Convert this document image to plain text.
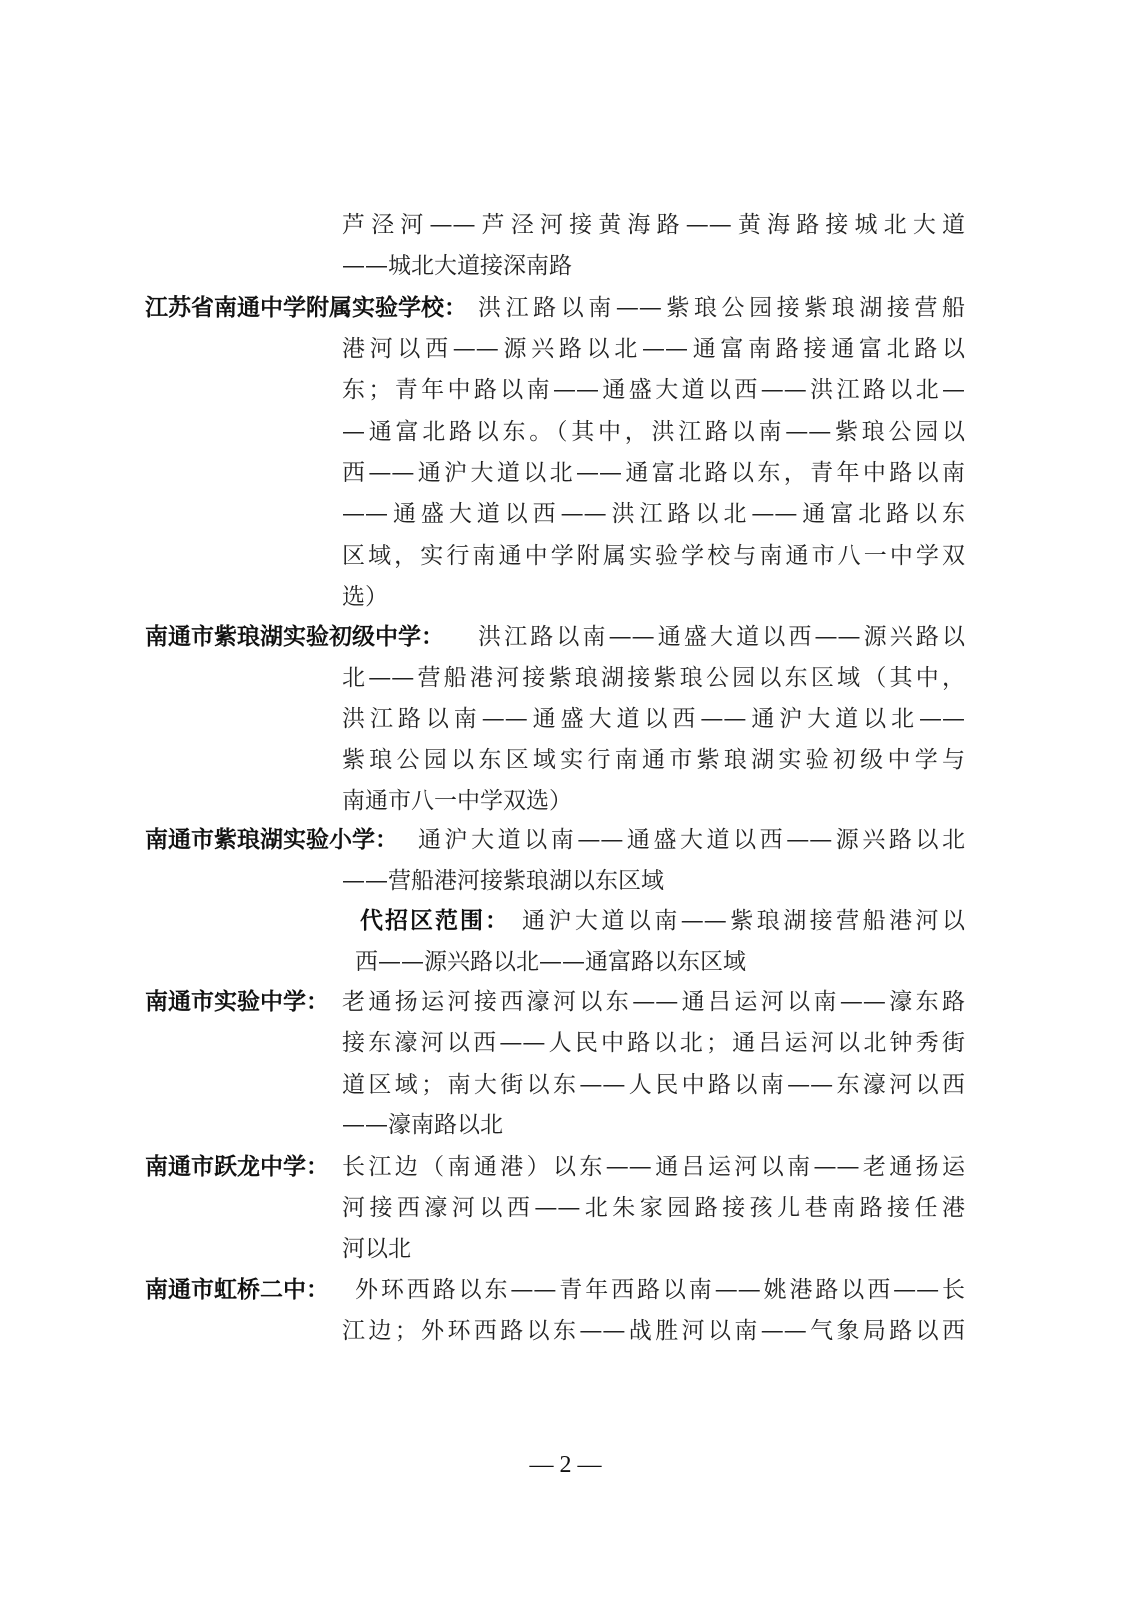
芦泾河——芦泾河接黄海路——黄海路接城北大道
——城北大道接深南路
江苏省南通中学附属实验学校： 洪江路以南——紫琅公园接紫琅湖接营船
港河以西——源兴路以北——通富南路接通富北路以
东；青年中路以南——通盛大道以西——洪江路以北—
—通富北路以东。（其中，洪江路以南——紫琅公园以
西——通沪大道以北——通富北路以东，青年中路以南
——通盛大道以西——洪江路以北——通富北路以东
区域，实行南通中学附属实验学校与南通市八一中学双
选）
南通市紫琅湖实验初级中学： 洪江路以南——通盛大道以西——源兴路以
北——营船港河接紫琅湖接紫琅公园以东区域（其中，
洪江路以南——通盛大道以西——通沪大道以北——
紫琅公园以东区域实行南通市紫琅湖实验初级中学与
南通市八一中学双选）
南通市紫琅湖实验小学： 通沪大道以南——通盛大道以西——源兴路以北
——营船港河接紫琅湖以东区域
代招区范围： 通沪大道以南——紫琅湖接营船港河以
西——源兴路以北——通富路以东区域
南通市实验中学： 老通扬运河接西濠河以东——通吕运河以南——濠东路
接东濠河以西——人民中路以北；通吕运河以北钟秀街
道区域；南大街以东——人民中路以南——东濠河以西
——濠南路以北
南通市跃龙中学： 长江边（南通港）以东——通吕运河以南——老通扬运
河接西濠河以西——北朱家园路接孩儿巷南路接任港
河以北
南通市虹桥二中： 外环西路以东——青年西路以南——姚港路以西——长
江边；外环西路以东——战胜河以南——气象局路以西
— 2 —
